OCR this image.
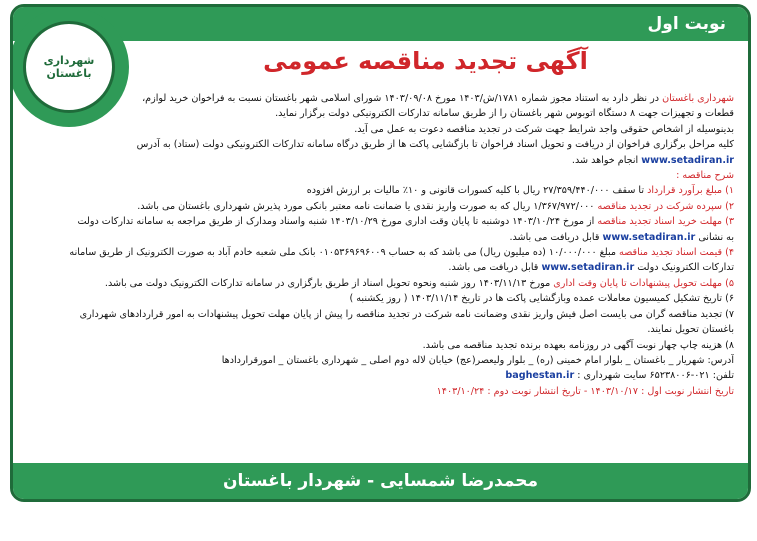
نوبت اول
شهرداری
باغستان	آگهی تجدید مناقصه عمومی
شهرداری باغستان در نظر دارد به استناد مجوز شماره ۱۷۸۱/ش/۱۴۰۳ مورخ ۱۴۰۳/۰۹/۰۸ شورای اسلامی شهر باغستان نسبت به فراخوان خرید لوازم،
قطعات و تجهیزات جهت ۸ دستگاه اتوبوس شهر باغستان را از طریق سامانه تدارکات الکترونیکی دولت برگزار نماید.
بدینوسیله از اشخاص حقوقی واجد شرایط جهت شرکت در تجدید مناقصه دعوت به عمل می آید.
کلیه مراحل برگزاری فراخوان از دریافت و تحویل اسناد فراخوان تا بازگشایی پاکت ها از طریق درگاه سامانه تدارکات الکترونیکی دولت (ستاد) به آدرس
www.setadiran.ir انجام خواهد شد.
شرح مناقصه :
۱) مبلغ برآورد قرارداد تا سقف ۲۷/۳۵۹/۴۴۰/۰۰۰ ریال با کلیه کسورات قانونی و ۱۰٪ مالیات بر ارزش افزوده
۲) سپرده شرکت در تجدید مناقصه ۱/۳۶۷/۹۷۲/۰۰۰ ریال که به صورت واریز نقدی یا ضمانت نامه معتبر بانکی مورد پذیرش شهرداری باغستان می باشد.
۳) مهلت خرید اسناد تجدید مناقصه از مورخ ۱۴۰۳/۱۰/۲۴ دوشنبه تا پایان وقت اداری مورخ ۱۴۰۳/۱۰/۲۹ شنبه واسناد ومدارک از طریق مراجعه به سامانه تدارکات دولت
به نشانی www.setadiran.ir قابل دریافت می باشد.
۴) قیمت اسناد تجدید مناقصه مبلغ ۱۰/۰۰۰/۰۰۰ (ده میلیون ریال) می باشد که به حساب ۰۱۰۵۳۶۹۶۹۶۰۰۹ بانک ملی شعبه خادم آباد به صورت الکترونیک از طریق سامانه
تدارکات الکترونیک دولت www.setadiran.ir قابل دریافت می باشد.
۵) مهلت تحویل پیشنهادات تا پایان وقت اداری مورخ ۱۴۰۳/۱۱/۱۳ روز شنبه ونحوه تحویل اسناد از طریق بارگزاری در سامانه تدارکات الکترونیک دولت می باشد.
۶) تاریخ تشکیل کمیسیون معاملات عمده وبازگشایی پاکت ها در تاریخ ۱۴۰۳/۱۱/۱۴ ( روز یکشنبه )
۷) تجدید مناقصه گران می بایست اصل فیش واریز نقدی وضمانت نامه شرکت در تجدید مناقصه را پیش از پایان مهلت تحویل پیشنهادات به امور قراردادهای شهرداری
باغستان تحویل نمایند.
۸) هزینه چاپ چهار نوبت آگهی در روزنامه بعهده برنده تجدید مناقصه می باشد.
آدرس: شهریار _ باغستان _ بلوار امام خمینی (ره) _ بلوار ولیعصر(عج) خیابان لاله دوم اصلی _ شهرداری باغستان _ امورقراردادها
تلفن: ۰۲۱-۶۵۲۳۸۰۰۶ سایت شهرداری : baghestan.ir
تاریخ انتشار نوبت اول : ۱۴۰۳/۱۰/۱۷ - تاریخ انتشار نوبت دوم : ۱۴۰۳/۱۰/۲۴
محمدرضا شمسایی - شهردار باغستان
